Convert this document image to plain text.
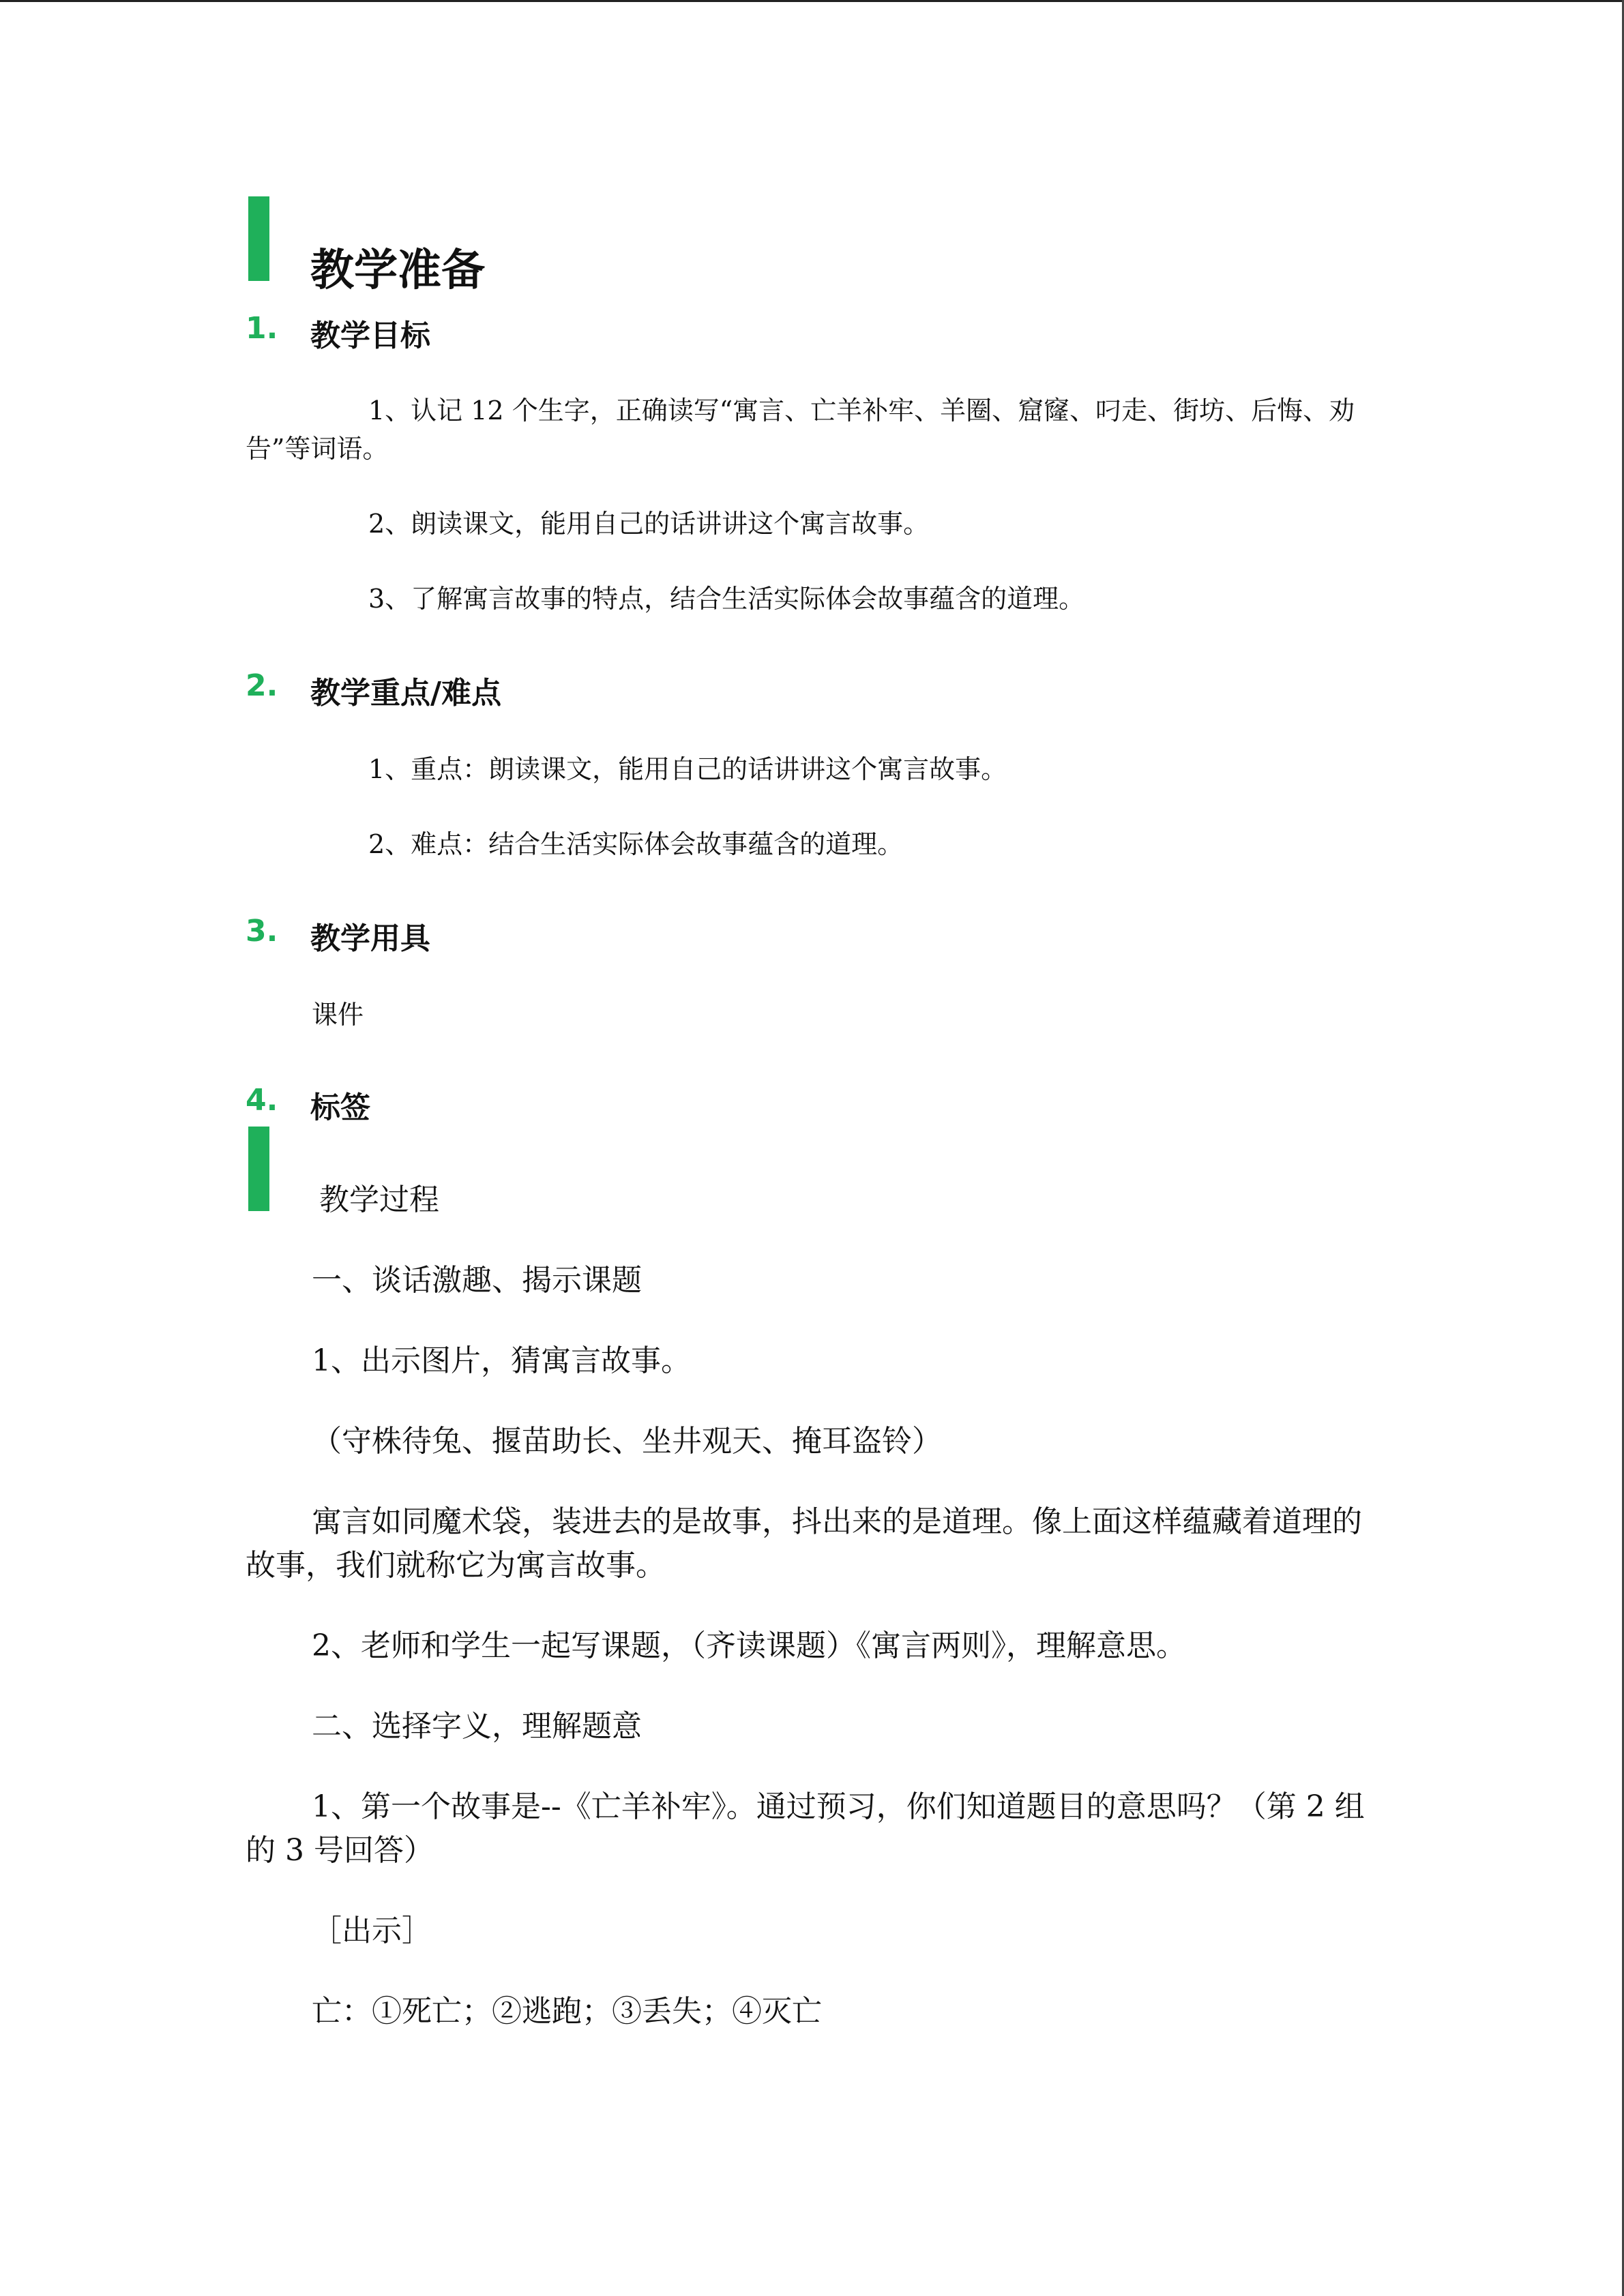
教学准备
1. 教学目标
1、认记 12 个生字，正确读写“寓言、亡羊补牢、羊圈、窟窿、叼走、街坊、后悔、劝告”等词语。
2、朗读课文，能用自己的话讲讲这个寓言故事。
3、了解寓言故事的特点，结合生活实际体会故事蕴含的道理。
2. 教学重点/难点
1、重点：朗读课文，能用自己的话讲讲这个寓言故事。
2、难点：结合生活实际体会故事蕴含的道理。
3. 教学用具
课件
4. 标签
教学过程
一、谈话激趣、揭示课题
1、出示图片，猜寓言故事。
（守株待兔、揠苗助长、坐井观天、掩耳盗铃）
寓言如同魔术袋，装进去的是故事，抖出来的是道理。像上面这样蕴藏着道理的故事，我们就称它为寓言故事。
2、老师和学生一起写课题，（齐读课题）《寓言两则》，理解意思。
二、选择字义，理解题意
1、第一个故事是--《亡羊补牢》。通过预习，你们知道题目的意思吗？（第 2 组的 3 号回答）
［出示］
亡：①死亡；②逃跑；③丢失；④灭亡
